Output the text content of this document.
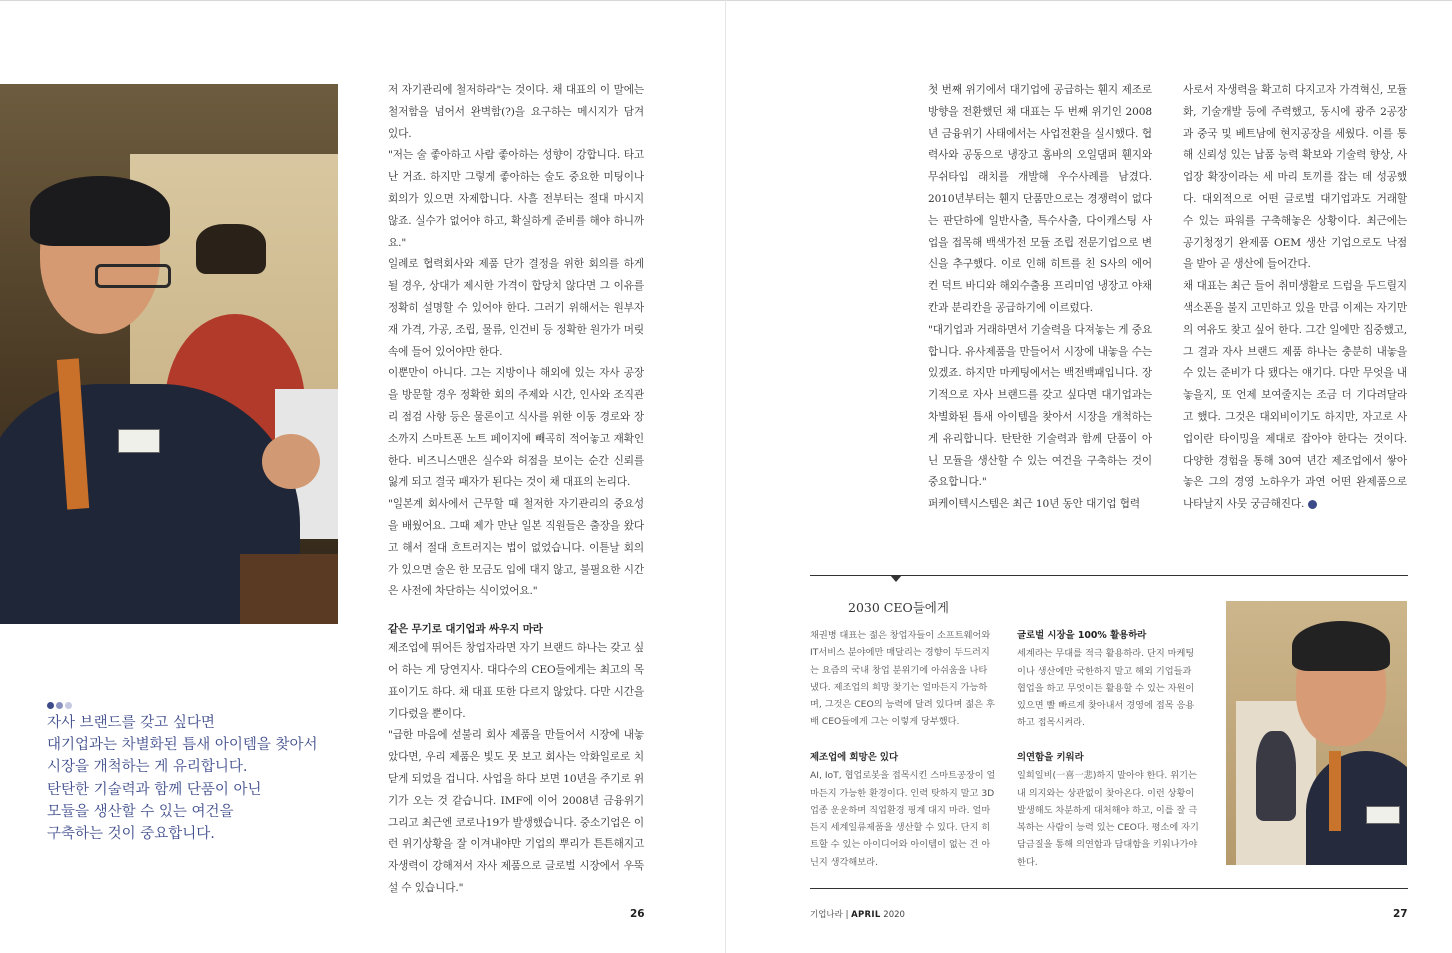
자사 브랜드를 갖고 싶다면
대기업과는 차별화된 틈새 아이템을 찾아서
시장을 개척하는 게 유리합니다.
탄탄한 기술력과 함께 단품이 아닌
모듈을 생산할 수 있는 여건을
구축하는 것이 중요합니다.

저 자기관리에 철저하라"는 것이다. 채 대표의 이 말에는 철저함을 넘어서 완벽함(?)을 요구하는 메시지가 담겨 있다.

"저는 술 좋아하고 사람 좋아하는 성향이 강합니다. 타고난 거죠. 하지만 그렇게 좋아하는 술도 중요한 미팅이나 회의가 있으면 자제합니다. 사흘 전부터는 절대 마시지 않죠. 실수가 없어야 하고, 확실하게 준비를 해야 하니까요."

일례로 협력회사와 제품 단가 결정을 위한 회의를 하게 될 경우, 상대가 제시한 가격이 합당치 않다면 그 이유를 정확히 설명할 수 있어야 한다. 그러기 위해서는 원부자재 가격, 가공, 조립, 물류, 인건비 등 정확한 원가가 머릿속에 들어 있어야만 한다.

이뿐만이 아니다. 그는 지방이나 해외에 있는 자사 공장을 방문할 경우 정확한 회의 주제와 시간, 인사와 조직관리 점검 사항 등은 물론이고 식사를 위한 이동 경로와 장소까지 스마트폰 노트 페이지에 빼곡히 적어놓고 재확인한다. 비즈니스맨은 실수와 허점을 보이는 순간 신뢰를 잃게 되고 결국 패자가 된다는 것이 채 대표의 논리다.

"일본계 회사에서 근무할 때 철저한 자기관리의 중요성을 배웠어요. 그때 제가 만난 일본 직원들은 출장을 왔다고 해서 절대 흐트러지는 법이 없었습니다. 이튿날 회의가 있으면 술은 한 모금도 입에 대지 않고, 불필요한 시간은 사전에 차단하는 식이었어요."

같은 무기로 대기업과 싸우지 마라

제조업에 뛰어든 창업자라면 자기 브랜드 하나는 갖고 싶어 하는 게 당연지사. 대다수의 CEO들에게는 최고의 목표이기도 하다. 채 대표 또한 다르지 않았다. 다만 시간을 기다렸을 뿐이다.

"급한 마음에 섣불리 회사 제품을 만들어서 시장에 내놓았다면, 우리 제품은 빛도 못 보고 회사는 악화일로로 치닫게 되었을 겁니다. 사업을 하다 보면 10년을 주기로 위기가 오는 것 같습니다. IMF에 이어 2008년 금융위기 그리고 최근엔 코로나19가 발생했습니다. 중소기업은 이런 위기상황을 잘 이겨내야만 기업의 뿌리가 튼튼해지고 자생력이 강해져서 자사 제품으로 글로벌 시장에서 우뚝 설 수 있습니다."

26

첫 번째 위기에서 대기업에 공급하는 휀지 제조로 방향을 전환했던 채 대표는 두 번째 위기인 2008년 금융위기 사태에서는 사업전환을 실시했다. 협력사와 공동으로 냉장고 홈바의 오일댐퍼 휀지와 무쉬타입 래치를 개발해 우수사례를 남겼다. 2010년부터는 휀지 단품만으로는 경쟁력이 없다는 판단하에 일반사출, 특수사출, 다이캐스팅 사업을 접목해 백색가전 모듈 조립 전문기업으로 변신을 추구했다. 이로 인해 히트를 친 S사의 에어컨 덕트 바디와 해외수출용 프리미엄 냉장고 야채칸과 분리칸을 공급하기에 이르렀다.

"대기업과 거래하면서 기술력을 다져놓는 게 중요합니다. 유사제품을 만들어서 시장에 내놓을 수는 있겠죠. 하지만 마케팅에서는 백전백패입니다. 장기적으로 자사 브랜드를 갖고 싶다면 대기업과는 차별화된 틈새 아이템을 찾아서 시장을 개척하는 게 유리합니다. 탄탄한 기술력과 함께 단품이 아닌 모듈을 생산할 수 있는 여건을 구축하는 것이 중요합니다."

퍼케이텍시스템은 최근 10년 동안 대기업 협력

사로서 자생력을 확고히 다지고자 가격혁신, 모듈화, 기술개발 등에 주력했고, 동시에 광주 2공장과 중국 및 베트남에 현지공장을 세웠다. 이를 통해 신뢰성 있는 납품 능력 확보와 기술력 향상, 사업장 확장이라는 세 마리 토끼를 잡는 데 성공했다. 대외적으로 어떤 글로벌 대기업과도 거래할 수 있는 파워를 구축해놓은 상황이다. 최근에는 공기청정기 완제품 OEM 생산 기업으로도 낙점을 받아 곧 생산에 들어간다.

채 대표는 최근 들어 취미생활로 드럼을 두드릴지 색소폰을 불지 고민하고 있을 만큼 이제는 자기만의 여유도 찾고 싶어 한다. 그간 일에만 집중했고, 그 결과 자사 브랜드 제품 하나는 충분히 내놓을 수 있는 준비가 다 됐다는 얘기다. 다만 무엇을 내놓을지, 또 언제 보여줄지는 조금 더 기다려달라고 했다. 그것은 대외비이기도 하지만, 자고로 사업이란 타이밍을 제대로 잡아야 한다는 것이다. 다양한 경험을 통해 30여 년간 제조업에서 쌓아놓은 그의 경영 노하우가 과연 어떤 완제품으로 나타날지 사뭇 궁금해진다.

2030 CEO들에게

채권병 대표는 젊은 창업자들이 소프트웨어와 IT서비스 분야에만 매달리는 경향이 두드러지는 요즘의 국내 창업 분위기에 아쉬움을 나타냈다. 제조업의 희망 찾기는 얼마든지 가능하며, 그것은 CEO의 능력에 달려 있다며 젊은 후배 CEO들에게 그는 이렇게 당부했다.

글로벌 시장을 100% 활용하라

세계라는 무대를 적극 활용하라. 단지 마케팅이나 생산에만 국한하지 말고 해외 기업들과 협업을 하고 무엇이든 활용할 수 있는 자원이 있으면 빨 빠르게 찾아내서 경영에 접목 응용하고 접목시켜라.

제조업에 희망은 있다

AI, IoT, 협업로봇을 접목시킨 스마트공장이 얼마든지 가능한 환경이다. 인력 탓하지 말고 3D 업종 운운하며 직업환경 핑계 대지 마라. 얼마든지 세계일류제품을 생산할 수 있다. 단지 히트할 수 있는 아이디어와 아이템이 없는 건 아닌지 생각해보라.

의연함을 키워라

일희일비(一喜一悲)하지 말아야 한다. 위기는 내 의지와는 상관없이 찾아온다. 이런 상황이 발생해도 차분하게 대처해야 하고, 이를 잘 극복하는 사람이 능력 있는 CEO다. 평소에 자기 담금질을 통해 의연함과 담대함을 키워나가야 한다.

기업나라 | APRIL 2020	27
